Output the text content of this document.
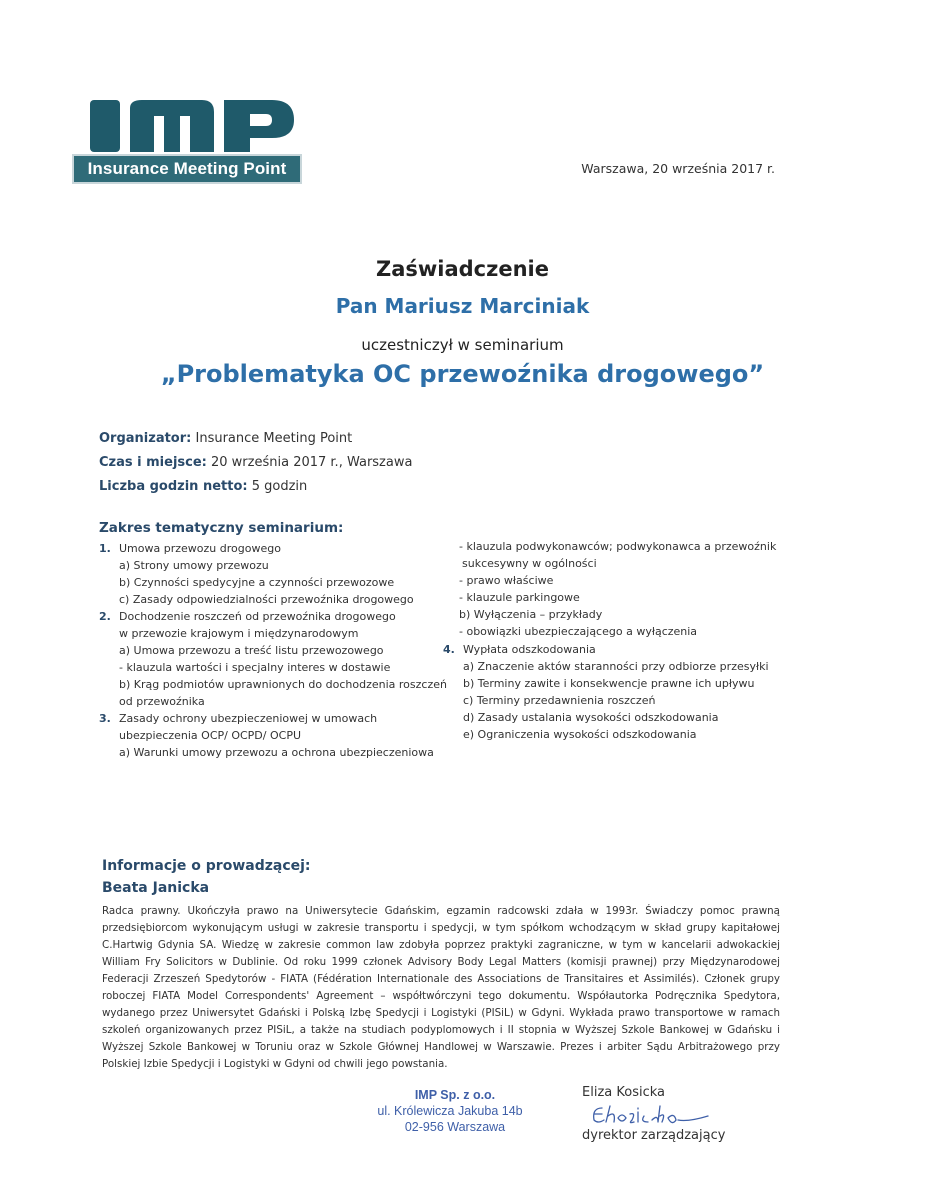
Insurance Meeting Point	Warszawa, 20 września 2017 r.
Zaświadczenie
Pan Mariusz Marciniak
uczestniczył w seminarium
„Problematyka OC przewoźnika drogowego”
Organizator: Insurance Meeting Point
Czas i miejsce: 20 września 2017 r., Warszawa
Liczba godzin netto: 5 godzin
Zakres tematyczny seminarium:
1. Umowa przewozu drogowego
a) Strony umowy przewozu
b) Czynności spedycyjne a czynności przewozowe
c) Zasady odpowiedzialności przewoźnika drogowego
2. Dochodzenie roszczeń od przewoźnika drogowego
w przewozie krajowym i międzynarodowym
a) Umowa przewozu a treść listu przewozowego
- klauzula wartości i specjalny interes w dostawie
b) Krąg podmiotów uprawnionych do dochodzenia roszczeń
od przewoźnika
3. Zasady ochrony ubezpieczeniowej w umowach
ubezpieczenia OCP/ OCPD/ OCPU
a) Warunki umowy przewozu a ochrona ubezpieczeniowa
- klauzula podwykonawców; podwykonawca a przewoźnik
sukcesywny w ogólności
- prawo właściwe
- klauzule parkingowe
b) Wyłączenia – przykłady
- obowiązki ubezpieczającego a wyłączenia
4. Wypłata odszkodowania
a) Znaczenie aktów staranności przy odbiorze przesyłki
b) Terminy zawite i konsekwencje prawne ich upływu
c) Terminy przedawnienia roszczeń
d) Zasady ustalania wysokości odszkodowania
e) Ograniczenia wysokości odszkodowania
Informacje o prowadzącej:
Beata Janicka
Radca prawny. Ukończyła prawo na Uniwersytecie Gdańskim, egzamin radcowski zdała w 1993r. Świadczy pomoc prawną przedsiębiorcom wykonującym usługi w zakresie transportu i spedycji, w tym spółkom wchodzącym w skład grupy kapitałowej C.Hartwig Gdynia SA. Wiedzę w zakresie common law zdobyła poprzez praktyki zagraniczne, w tym w kancelarii adwokackiej William Fry Solicitors w Dublinie. Od roku 1999 członek Advisory Body Legal Matters (komisji prawnej) przy Międzynarodowej Federacji Zrzeszeń Spedytorów - FIATA (Fédération Internationale des Associations de Transitaires et Assimilés). Członek grupy roboczej FIATA Model Correspondents' Agreement – współtwórczyni tego dokumentu. Współautorka Podręcznika Spedytora, wydanego przez Uniwersytet Gdański i Polską Izbę Spedycji i Logistyki (PISiL) w Gdyni. Wykłada prawo transportowe w ramach szkoleń organizowanych przez PISiL, a także na studiach podyplomowych i II stopnia w Wyższej Szkole Bankowej w Gdańsku i Wyższej Szkole Bankowej w Toruniu oraz w Szkole Głównej Handlowej w Warszawie. Prezes i arbiter Sądu Arbitrażowego przy Polskiej Izbie Spedycji i Logistyki w Gdyni od chwili jego powstania.
IMP Sp. z o.o.
ul. Królewicza Jakuba 14b
02-956 Warszawa
Eliza Kosicka
dyrektor zarządzający
